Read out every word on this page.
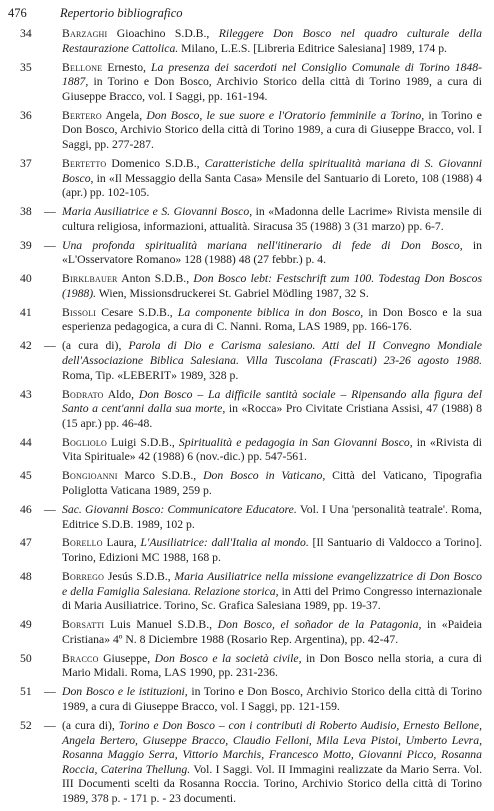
476	Repertorio bibliografico
34	Barzaghi Gioachino S.D.B., Rileggere Don Bosco nel quadro culturale della Restaurazione Cattolica. Milano, L.E.S. [Libreria Editrice Salesiana] 1989, 174 p.
35	Bellone Ernesto, La presenza dei sacerdoti nel Consiglio Comunale di Torino 1848-1887, in Torino e Don Bosco, Archivio Storico della città di Torino 1989, a cura di Giuseppe Bracco, vol. I Saggi, pp. 161-194.
36	Bertero Angela, Don Bosco, le sue suore e l'Oratorio femminile a Torino, in Torino e Don Bosco, Archivio Storico della città di Torino 1989, a cura di Giuseppe Bracco, vol. I Saggi, pp. 277-287.
37	Bertetto Domenico S.D.B., Caratteristiche della spiritualità mariana di S. Giovanni Bosco, in «Il Messaggio della Santa Casa» Mensile del Santuario di Loreto, 108 (1988) 4 (apr.) pp. 102-105.
38	— Maria Ausiliatrice e S. Giovanni Bosco, in «Madonna delle Lacrime» Rivista mensile di cultura religiosa, informazioni, attualità. Siracusa 35 (1988) 3 (31 marzo) pp. 6-7.
39	— Una profonda spiritualità mariana nell'itinerario di fede di Don Bosco, in «L'Osservatore Romano» 128 (1988) 48 (27 febbr.) p. 4.
40	Birklbauer Anton S.D.B., Don Bosco lebt: Festschrift zum 100. Todestag Don Boscos (1988). Wien, Missionsdruckerei St. Gabriel Mödling 1987, 32 S.
41	Bissoli Cesare S.D.B., La componente biblica in don Bosco, in Don Bosco e la sua esperienza pedagogica, a cura di C. Nanni. Roma, LAS 1989, pp. 166-176.
42	— (a cura di), Parola di Dio e Carisma salesiano. Atti del II Convegno Mondiale dell'Associazione Biblica Salesiana. Villa Tuscolana (Frascati) 23-26 agosto 1988. Roma, Tip. «LEBERIT» 1989, 328 p.
43	Bodrato Aldo, Don Bosco – La difficile santità sociale – Ripensando alla figura del Santo a cent'anni dalla sua morte, in «Rocca» Pro Civitate Cristiana Assisi, 47 (1988) 8 (15 apr.) pp. 46-48.
44	Bogliolo Luigi S.D.B., Spiritualità e pedagogia in San Giovanni Bosco, in «Rivista di Vita Spirituale» 42 (1988) 6 (nov.-dic.) pp. 547-561.
45	Bongioanni Marco S.D.B., Don Bosco in Vaticano, Città del Vaticano, Tipografia Poliglotta Vaticana 1989, 259 p.
46	— Sac. Giovanni Bosco: Communicatore Educatore. Vol. I Una 'personalità teatrale'. Roma, Editrice S.D.B. 1989, 102 p.
47	Borello Laura, L'Ausiliatrice: dall'Italia al mondo. [Il Santuario di Valdocco a Torino]. Torino, Edizioni MC 1988, 168 p.
48	Borrego Jesús S.D.B., Maria Ausiliatrice nella missione evangelizzatrice di Don Bosco e della Famiglia Salesiana. Relazione storica, in Atti del Primo Congresso internazionale di Maria Ausiliatrice. Torino, Sc. Grafica Salesiana 1989, pp. 19-37.
49	Borsatti Luis Manuel S.D.B., Don Bosco, el soñador de la Patagonia, in «Paideia Cristiana» 4º N. 8 Diciembre 1988 (Rosario Rep. Argentina), pp. 42-47.
50	Bracco Giuseppe, Don Bosco e la società civile, in Don Bosco nella storia, a cura di Mario Midali. Roma, LAS 1990, pp. 231-236.
51	— Don Bosco e le istituzioni, in Torino e Don Bosco, Archivio Storico della città di Torino 1989, a cura di Giuseppe Bracco, vol. I Saggi, pp. 121-159.
52	— (a cura di), Torino e Don Bosco – con i contributi di Roberto Audisio, Ernesto Bellone, Angela Bertero, Giuseppe Bracco, Claudio Felloni, Mila Leva Pistoi, Umberto Levra, Rosanna Maggio Serra, Vittorio Marchis, Francesco Motto, Giovanni Picco, Rosanna Roccia, Caterina Thellung. Vol. I Saggi. Vol. II Immagini realizzate da Mario Serra. Vol. III Documenti scelti da Rosanna Roccia. Torino, Archivio Storico della città di Torino 1989, 378 p. - 171 p. - 23 documenti.
